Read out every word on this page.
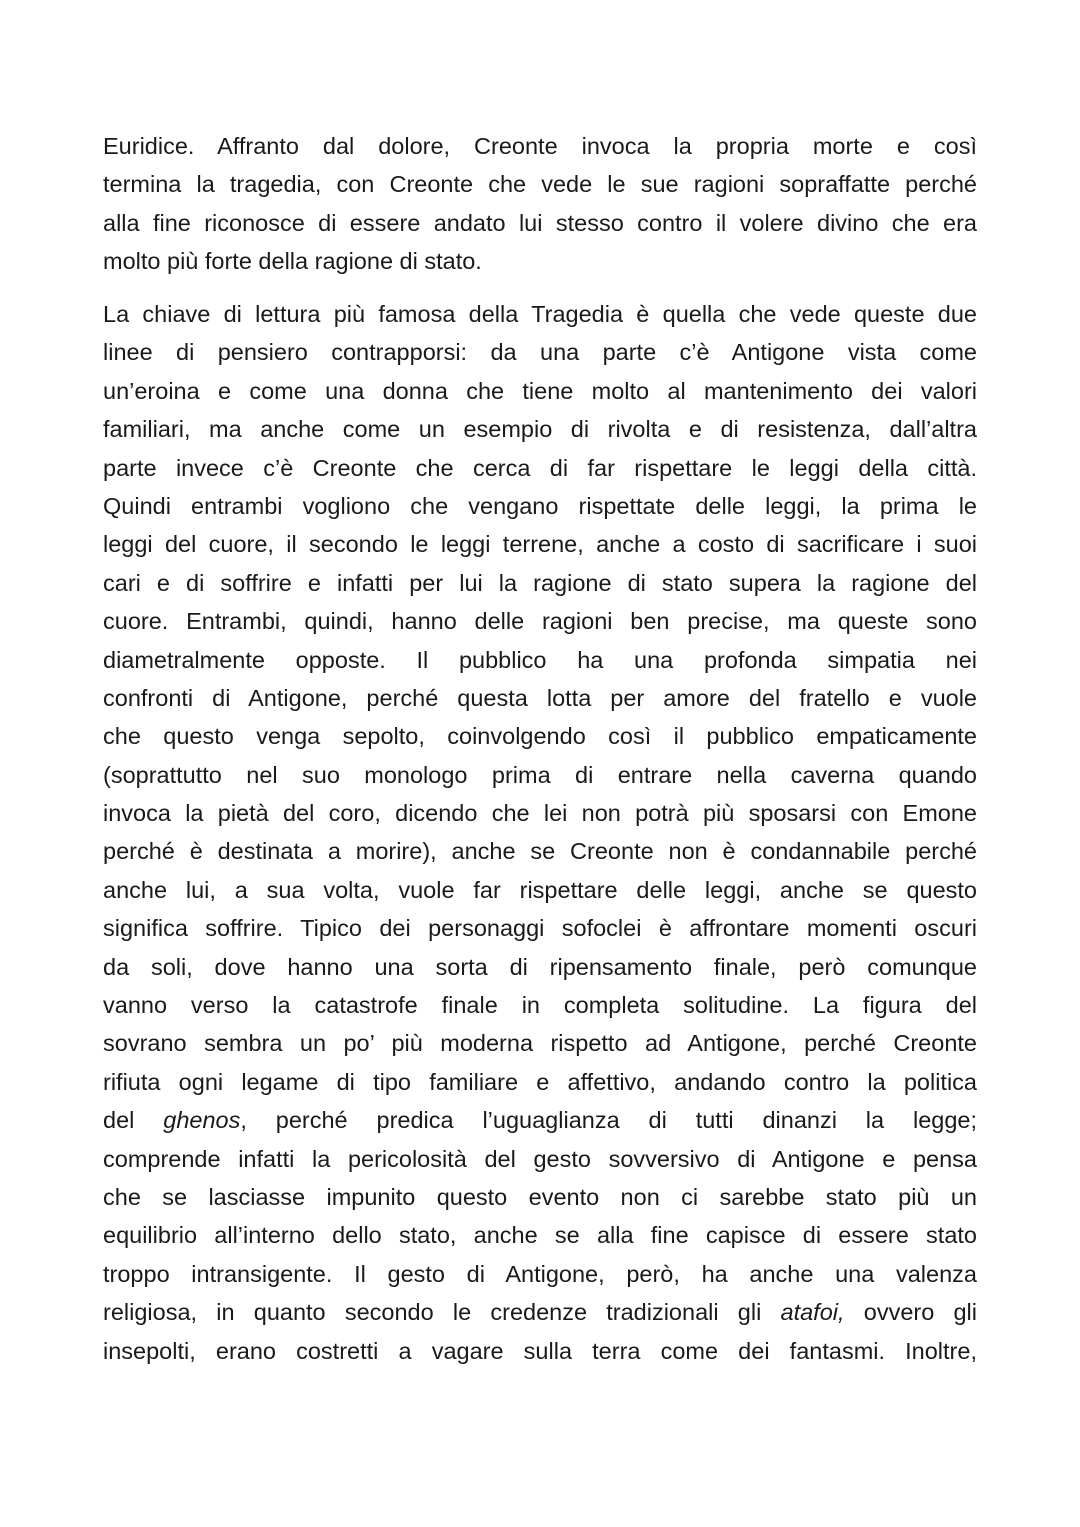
Euridice. Affranto dal dolore, Creonte invoca la propria morte e così
termina la tragedia, con Creonte che vede le sue ragioni sopraffatte perché
alla fine riconosce di essere andato lui stesso contro il volere divino che era
molto più forte della ragione di stato.
La chiave di lettura più famosa della Tragedia è quella che vede queste due
linee di pensiero contrapporsi: da una parte c’è Antigone vista come
un’eroina e come una donna che tiene molto al mantenimento dei valori
familiari, ma anche come un esempio di rivolta e di resistenza, dall’altra
parte invece c’è Creonte che cerca di far rispettare le leggi della città.
Quindi entrambi vogliono che vengano rispettate delle leggi, la prima le
leggi del cuore, il secondo le leggi terrene, anche a costo di sacrificare i suoi
cari e di soffrire e infatti per lui la ragione di stato supera la ragione del
cuore. Entrambi, quindi, hanno delle ragioni ben precise, ma queste sono
diametralmente opposte. Il pubblico ha una profonda simpatia nei
confronti di Antigone, perché questa lotta per amore del fratello e vuole
che questo venga sepolto, coinvolgendo così il pubblico empaticamente
(soprattutto nel suo monologo prima di entrare nella caverna quando
invoca la pietà del coro, dicendo che lei non potrà più sposarsi con Emone
perché è destinata a morire), anche se Creonte non è condannabile perché
anche lui, a sua volta, vuole far rispettare delle leggi, anche se questo
significa soffrire. Tipico dei personaggi sofoclei è affrontare momenti oscuri
da soli, dove hanno una sorta di ripensamento finale, però comunque
vanno verso la catastrofe finale in completa solitudine. La figura del
sovrano sembra un po’ più moderna rispetto ad Antigone, perché Creonte
rifiuta ogni legame di tipo familiare e affettivo, andando contro la politica
del ghenos, perché predica l’uguaglianza di tutti dinanzi la legge;
comprende infatti la pericolosità del gesto sovversivo di Antigone e pensa
che se lasciasse impunito questo evento non ci sarebbe stato più un
equilibrio all’interno dello stato, anche se alla fine capisce di essere stato
troppo intransigente. Il gesto di Antigone, però, ha anche una valenza
religiosa, in quanto secondo le credenze tradizionali gli atafoi, ovvero gli
insepolti, erano costretti a vagare sulla terra come dei fantasmi. Inoltre,
